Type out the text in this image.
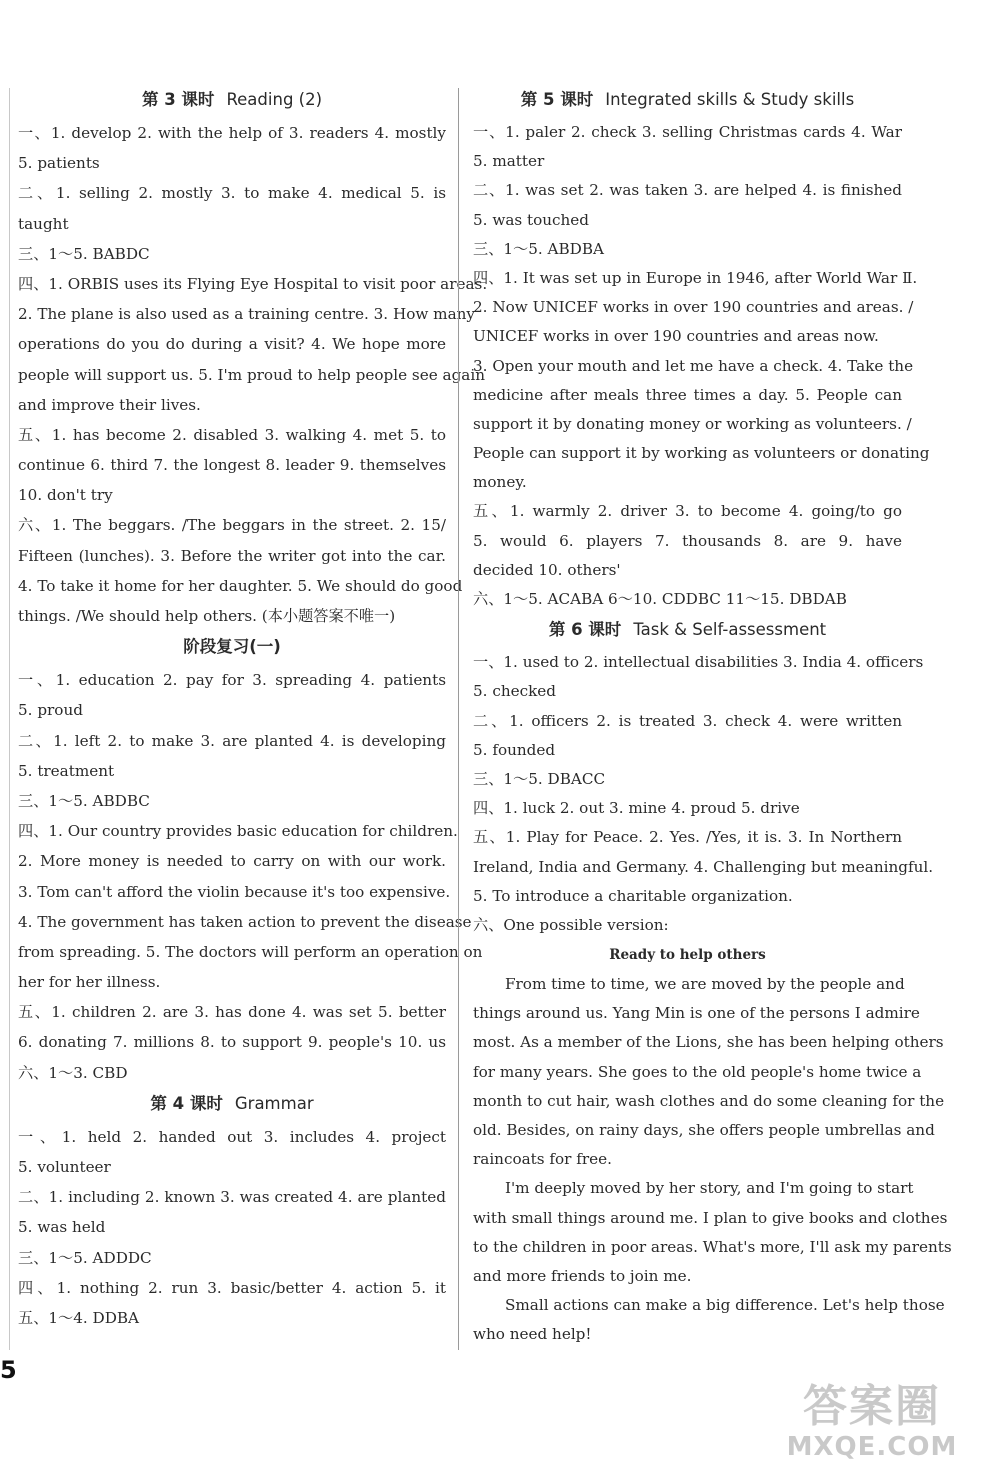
第 3 课时 Reading (2)
一、1. develop 2. with the help of 3. readers 4. mostly
5. patients
二、1. selling 2. mostly 3. to make 4. medical 5. is
taught
三、1～5. BABDC
四、1. ORBIS uses its Flying Eye Hospital to visit poor areas.
2. The plane is also used as a training centre. 3. How many
operations do you do during a visit? 4. We hope more
people will support us. 5. I'm proud to help people see again
and improve their lives.
五、1. has become 2. disabled 3. walking 4. met 5. to
continue 6. third 7. the longest 8. leader 9. themselves
10. don't try
六、1. The beggars. /The beggars in the street. 2. 15/
Fifteen (lunches). 3. Before the writer got into the car.
4. To take it home for her daughter. 5. We should do good
things. /We should help others. (本小题答案不唯一)
阶段复习(一)
一、1. education 2. pay for 3. spreading 4. patients
5. proud
二、1. left 2. to make 3. are planted 4. is developing
5. treatment
三、1～5. ABDBC
四、1. Our country provides basic education for children.
2. More money is needed to carry on with our work.
3. Tom can't afford the violin because it's too expensive.
4. The government has taken action to prevent the disease
from spreading. 5. The doctors will perform an operation on
her for her illness.
五、1. children 2. are 3. has done 4. was set 5. better
6. donating 7. millions 8. to support 9. people's 10. us
六、1～3. CBD
第 4 课时 Grammar
一、1. held 2. handed out 3. includes 4. project
5. volunteer
二、1. including 2. known 3. was created 4. are planted
5. was held
三、1～5. ADDDC
四、1. nothing 2. run 3. basic/better 4. action 5. it
五、1～4. DDBA
第 5 课时 Integrated skills & Study skills
一、1. paler 2. check 3. selling Christmas cards 4. War
5. matter
二、1. was set 2. was taken 3. are helped 4. is finished
5. was touched
三、1～5. ABDBA
四、1. It was set up in Europe in 1946, after World War Ⅱ.
2. Now UNICEF works in over 190 countries and areas. /
UNICEF works in over 190 countries and areas now.
3. Open your mouth and let me have a check. 4. Take the
medicine after meals three times a day. 5. People can
support it by donating money or working as volunteers. /
People can support it by working as volunteers or donating
money.
五、1. warmly 2. driver 3. to become 4. going/to go
5. would 6. players 7. thousands 8. are 9. have
decided 10. others'
六、1～5. ACABA 6～10. CDDBC 11～15. DBDAB
第 6 课时 Task & Self-assessment
一、1. used to 2. intellectual disabilities 3. India 4. officers
5. checked
二、1. officers 2. is treated 3. check 4. were written
5. founded
三、1～5. DBACC
四、1. luck 2. out 3. mine 4. proud 5. drive
五、1. Play for Peace. 2. Yes. /Yes, it is. 3. In Northern
Ireland, India and Germany. 4. Challenging but meaningful.
5. To introduce a charitable organization.
六、One possible version:
Ready to help others
From time to time, we are moved by the people and
things around us. Yang Min is one of the persons I admire
most. As a member of the Lions, she has been helping others
for many years. She goes to the old people's home twice a
month to cut hair, wash clothes and do some cleaning for the
old. Besides, on rainy days, she offers people umbrellas and
raincoats for free.
I'm deeply moved by her story, and I'm going to start
with small things around me. I plan to give books and clothes
to the children in poor areas. What's more, I'll ask my parents
and more friends to join me.
Small actions can make a big difference. Let's help those
who need help!
5
答案圈
MXQE.COM
